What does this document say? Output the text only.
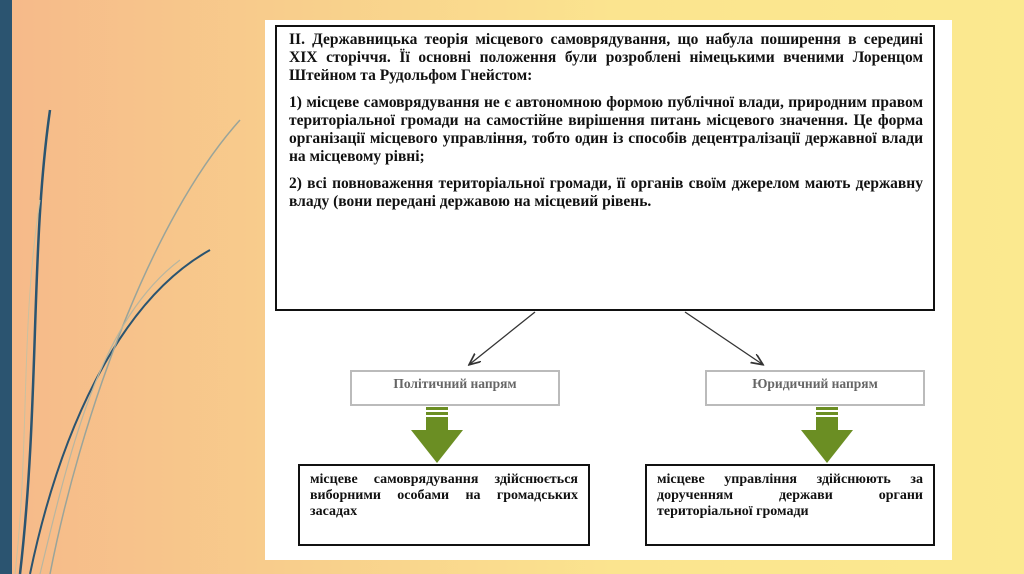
ІІ. Державницька теорія місцевого самоврядування, що набула поширення в середині ХІХ сторіччя. Її основні положення були розроблені німецькими вченими Лоренцом Штейном та Рудольфом Гнейстом:

1) місцеве самоврядування не є автономною формою публічної влади, природним правом територіальної громади на самостійне вирішення питань місцевого значення. Це форма організації місцевого управління, тобто один із способів децентралізації державної влади на місцевому рівні;

2) всі повноваження територіальної громади, її органів своїм джерелом мають державну владу (вони передані державою на місцевий рівень.

Політичний напрям	Юридичний напрям
місцеве самоврядування здійснюється виборними особами на громадських засадах
місцеве управління здійснюють за дорученням держави органи територіальної громади
